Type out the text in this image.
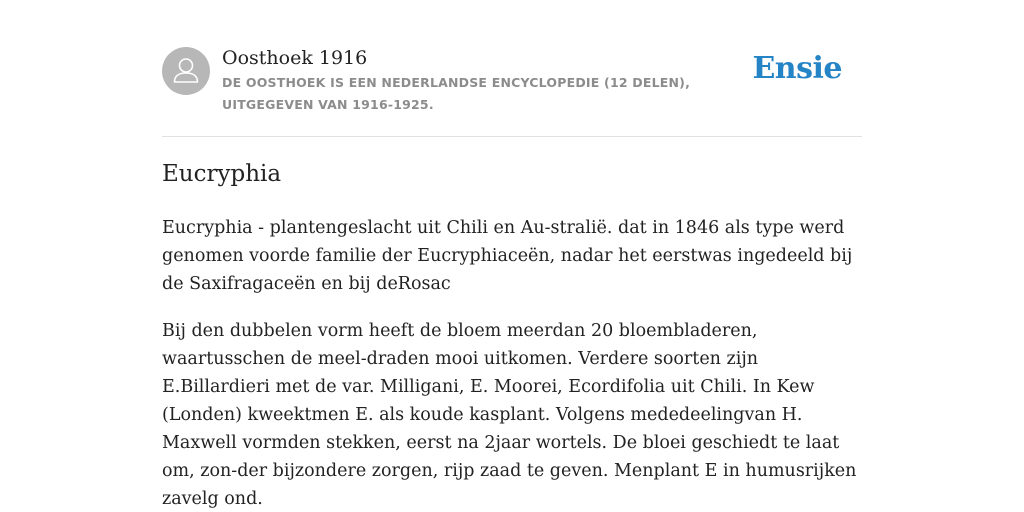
Oosthoek 1916
DE OOSTHOEK IS EEN NEDERLANDSE ENCYCLOPEDIE (12 DELEN), UITGEGEVEN VAN 1916-1925.
Ensie
Eucryphia

Eucryphia - plantengeslacht uit Chili en Au-stralië. dat in 1846 als type werd genomen voorde familie der Eucryphiaceën, nadar het eerstwas ingedeeld bij de Saxifragaceën en bij deRosac

Bij den dubbelen vorm heeft de bloem meerdan 20 bloembladeren, waartusschen de meel-draden mooi uitkomen. Verdere soorten zijn E.Billardieri met de var. Milligani, E. Moorei, Ecordifolia uit Chili. In Kew (Londen) kweektmen E. als koude kasplant. Volgens mededeelingvan H. Maxwell vormden stekken, eerst na 2jaar wortels. De bloei geschiedt te laat om, zon-der bijzondere zorgen, rijp zaad te geven. Menplant E in humusrijken zavelg ond.
